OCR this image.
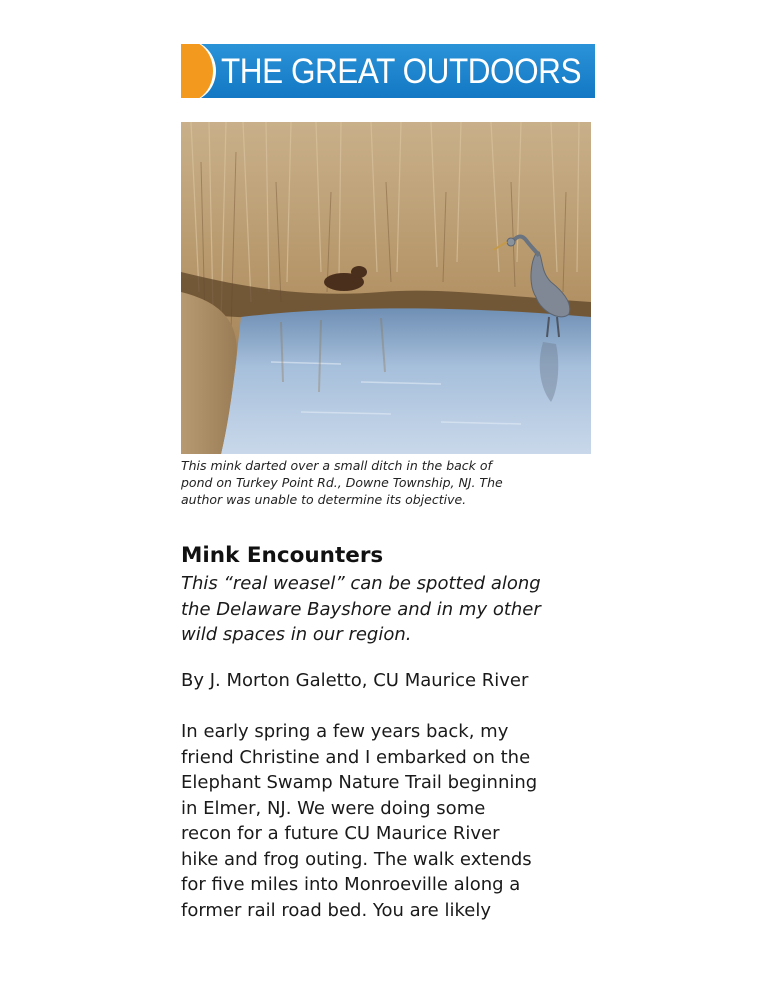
THE GREAT OUTDOORS

This mink darted over a small ditch in the back of
pond on Turkey Point Rd., Downe Township, NJ. The
author was unable to determine its objective.

Mink Encounters

This “real weasel” can be spotted along
the Delaware Bayshore and in my other
wild spaces in our region.

By J. Morton Galetto, CU Maurice River

In early spring a few years back, my
friend Christine and I embarked on the
Elephant Swamp Nature Trail beginning
in Elmer, NJ. We were doing some
recon for a future CU Maurice River
hike and frog outing. The walk extends
for five miles into Monroeville along a
former rail road bed. You are likely
